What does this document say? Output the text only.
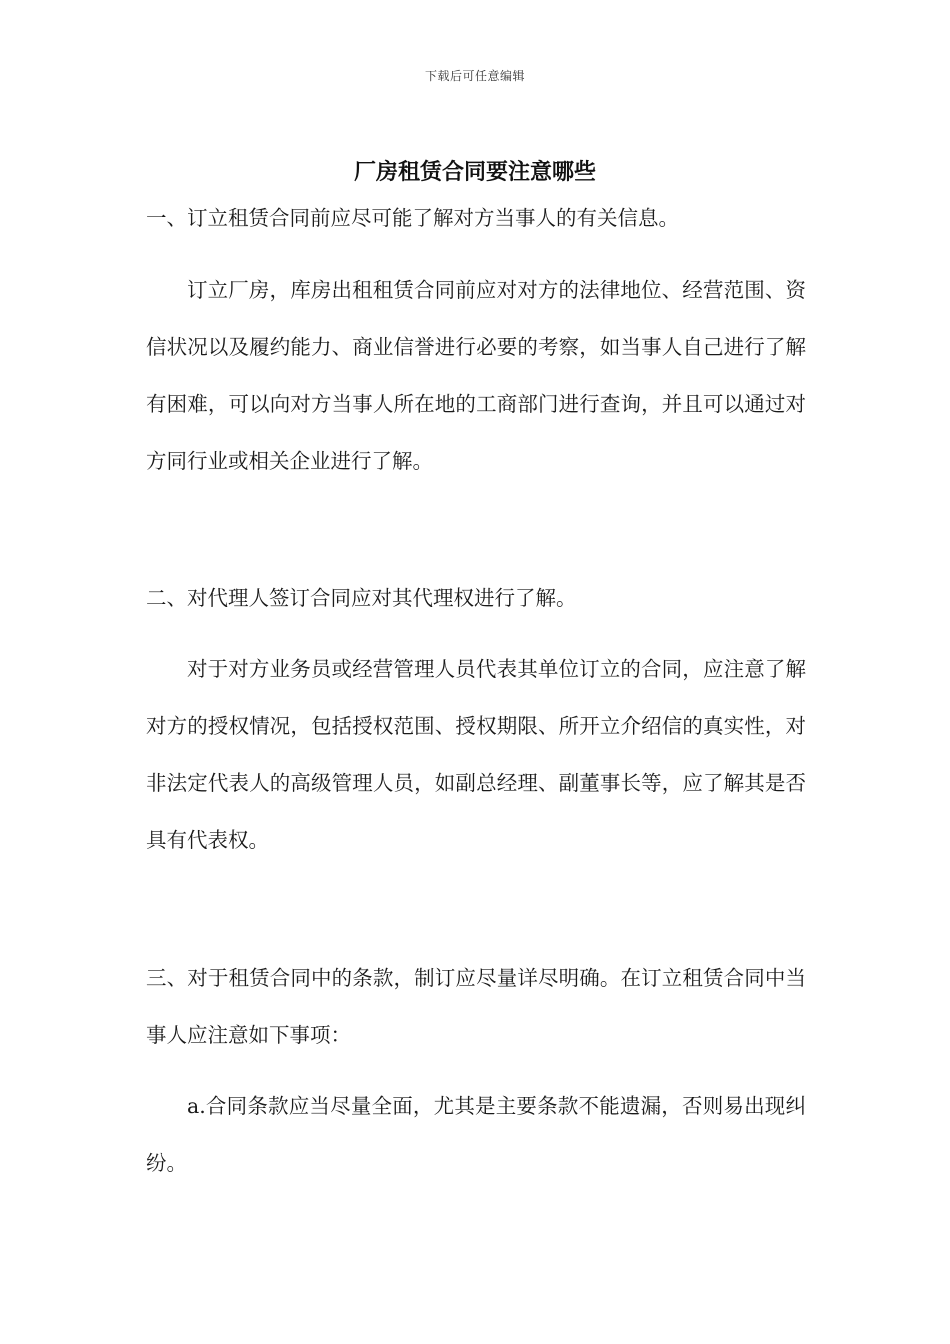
下载后可任意编辑
厂房租赁合同要注意哪些

一、订立租赁合同前应尽可能了解对方当事人的有关信息。

订立厂房，库房出租租赁合同前应对对方的法律地位、经营范围、资信状况以及履约能力、商业信誉进行必要的考察，如当事人自己进行了解有困难，可以向对方当事人所在地的工商部门进行查询，并且可以通过对方同行业或相关企业进行了解。

二、对代理人签订合同应对其代理权进行了解。

对于对方业务员或经营管理人员代表其单位订立的合同，应注意了解对方的授权情况，包括授权范围、授权期限、所开立介绍信的真实性，对非法定代表人的高级管理人员，如副总经理、副董事长等，应了解其是否具有代表权。

三、对于租赁合同中的条款，制订应尽量详尽明确。在订立租赁合同中当事人应注意如下事项：

a.合同条款应当尽量全面，尤其是主要条款不能遗漏，否则易出现纠纷。
